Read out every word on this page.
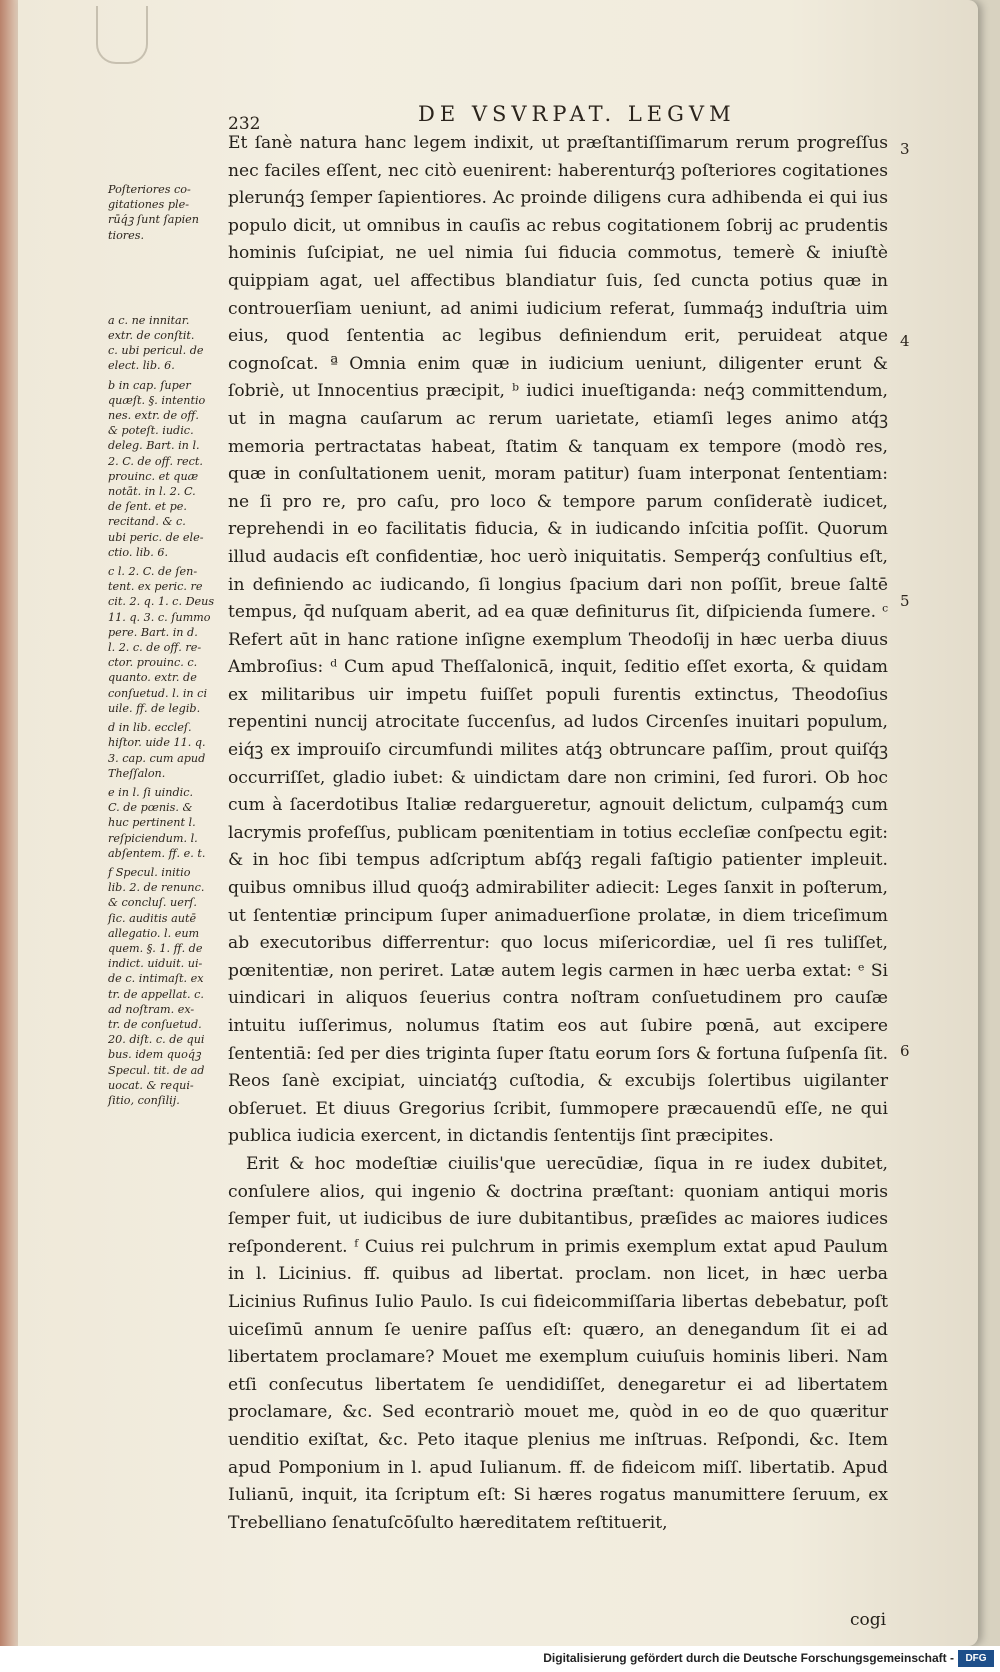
232	DE VSVRPAT. LEGVM

Poſteriores co-
gitationes ple-
rūq́ꝫ ſunt ſapien
tiores.

a c. ne innitar.
extr. de conſtit.
c. ubi pericul. de
elect. lib. 6.

b in cap. ſuper
quæſt. §. intentio
nes. extr. de off.
& poteſt. iudic.
deleg. Bart. in l.
2. C. de off. rect.
prouinc. et quæ
notāt. in l. 2. C.
de ſent. et pe.
recitand. & c.
ubi peric. de ele-
ctio. lib. 6.

c l. 2. C. de ſen-
tent. ex peric. re
cit. 2. q. 1. c. Deus
11. q. 3. c. ſummo
pere. Bart. in d.
l. 2. c. de off. re-
ctor. prouinc. c.
quanto. extr. de
conſuetud. l. in ci
uile. ff. de legib.

d in lib. eccleſ.
hiſtor. uide 11. q.
3. cap. cum apud
Theſſalon.

e in l. ſi uindic.
C. de pœnis. &
huc pertinent l.
reſpiciendum. l.
abſentem. ff. e. t.

f Specul. initio
lib. 2. de renunc.
& concluſ. uerſ.
ſic. auditis autē
allegatio. l. eum
quem. §. 1. ff. de
indict. uiduit. ui-
de c. intimaſt. ex
tr. de appellat. c.
ad noſtram. ex-
tr. de conſuetud.
20. diſt. c. de qui
bus. idem quoq́ꝫ
Specul. tit. de ad
uocat. & requi-
ſitio, conſilij.

Et ſanè natura hanc legem indixit, ut præſtantiſſimarum rerum progreſſus nec faciles eſſent, nec citò euenirent: haberenturq́ꝫ poſteriores cogitationes plerunq́ꝫ ſemper ſapientiores. Ac proinde diligens cura adhibenda ei qui ius populo dicit, ut omnibus in cauſis ac rebus cogitationem ſobrij ac prudentis hominis ſuſcipiat, ne uel nimia ſui fiducia commotus, temerè & iniuſtè quippiam agat, uel affectibus blandiatur ſuis, ſed cuncta potius quæ in controuerſiam ueniunt, ad animi iudicium referat, ſummaq́ꝫ induſtria uim eius, quod ſententia ac legibus definiendum erit, peruideat atque cognoſcat. ª Omnia enim quæ in iudicium ueniunt, diligenter erunt & ſobriè, ut Innocentius præcipit, ᵇ iudici inueſtiganda: neq́ꝫ committendum, ut in magna cauſarum ac rerum uarietate, etiamſi leges animo atq́ꝫ memoria pertractatas habeat, ſtatim & tanquam ex tempore (modò res, quæ in conſultationem uenit, moram patitur) ſuam interponat ſententiam: ne ſi pro re, pro caſu, pro loco & tempore parum conſideratè iudicet, reprehendi in eo facilitatis fiducia, & in iudicando inſcitia poſſit. Quorum illud audacis eſt confidentiæ, hoc uerò iniquitatis. Semperq́ꝫ conſultius eſt, in definiendo ac iudicando, ſi longius ſpacium dari non poſſit, breue ſaltē tempus, q̄d nuſquam aberit, ad ea quæ definiturus ſit, diſpicienda ſumere. ᶜ Refert aūt in hanc ratione inſigne exemplum Theodoſij in hæc uerba diuus Ambroſius: ᵈ Cum apud Theſſalonicā, inquit, ſeditio eſſet exorta, & quidam ex militaribus uir impetu fuiſſet populi furentis extinctus, Theodoſius repentini nuncij atrocitate ſuccenſus, ad ludos Circenſes inuitari populum, eiq́ꝫ ex improuiſo circumfundi milites atq́ꝫ obtruncare paſſim, prout quiſq́ꝫ occurriſſet, gladio iubet: & uindictam dare non crimini, ſed furori. Ob hoc cum à ſacerdotibus Italiæ redargueretur, agnouit delictum, culpamq́ꝫ cum lacrymis profeſſus, publicam pœnitentiam in totius eccleſiæ conſpectu egit: & in hoc ſibi tempus adſcriptum abſq́ꝫ regali faſtigio patienter impleuit. quibus omnibus illud quoq́ꝫ admirabiliter adiecit: Leges ſanxit in poſterum, ut ſententiæ principum ſuper animaduerſione prolatæ, in diem triceſimum ab executoribus differrentur: quo locus miſericordiæ, uel ſi res tuliſſet, pœnitentiæ, non periret. Latæ autem legis carmen in hæc uerba extat: ᵉ Si uindicari in aliquos ſeuerius contra noſtram conſuetudinem pro cauſæ intuitu iuſſerimus, nolumus ſtatim eos aut ſubire pœnā, aut excipere ſententiā: ſed per dies triginta ſuper ſtatu eorum ſors & fortuna ſuſpenſa ſit. Reos ſanè excipiat, uinciatq́ꝫ cuſtodia, & excubijs ſolertibus uigilanter obſeruet. Et diuus Gregorius ſcribit, ſummopere præcauendū eſſe, ne qui publica iudicia exercent, in dictandis ſententijs ſint præcipites.

Erit & hoc modeſtiæ ciuilis'que uerecūdiæ, ſiqua in re iudex dubitet, conſulere alios, qui ingenio & doctrina præſtant: quoniam antiqui moris ſemper fuit, ut iudicibus de iure dubitantibus, præſides ac maiores iudices reſponderent. ᶠ Cuius rei pulchrum in primis exemplum extat apud Paulum in l. Licinius. ff. quibus ad libertat. proclam. non licet, in hæc uerba Licinius Rufinus Iulio Paulo. Is cui fideicommiſſaria libertas debebatur, poſt uiceſimū annum ſe uenire paſſus eſt: quæro, an denegandum ſit ei ad libertatem proclamare? Mouet me exemplum cuiuſuis hominis liberi. Nam etſi conſecutus libertatem ſe uendidiſſet, denegaretur ei ad libertatem proclamare, &c. Sed econtrariò mouet me, quòd in eo de quo quæritur uenditio exiſtat, &c. Peto itaque plenius me inſtruas. Reſpondi, &c. Item apud Pomponium in l. apud Iulianum. ff. de fideicom miſſ. libertatib. Apud Iulianū, inquit, ita ſcriptum eſt: Si hæres rogatus manumittere ſeruum, ex Trebelliano ſenatuſcōſulto hæreditatem reſtituerit,

3
4
5
6
cogi
Digitalisierung gefördert durch die Deutsche Forschungsgemeinschaft -	DFG
